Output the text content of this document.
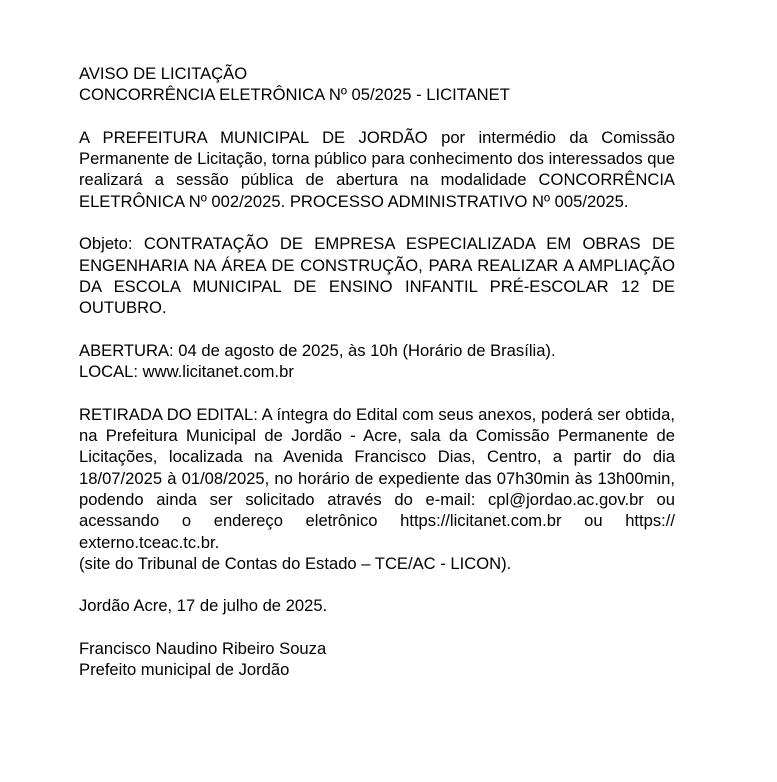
AVISO DE LICITAÇÃO
CONCORRÊNCIA ELETRÔNICA Nº 05/2025 - LICITANET
A PREFEITURA MUNICIPAL DE JORDÃO por intermédio da Comissão Permanente de Licitação, torna público para conhecimento dos interessados que realizará a sessão pública de abertura na modalidade CONCORRÊNCIA ELETRÔNICA Nº 002/2025. PROCESSO ADMINISTRATIVO Nº 005/2025.
Objeto: CONTRATAÇÃO DE EMPRESA ESPECIALIZADA EM OBRAS DE ENGENHARIA NA ÁREA DE CONSTRUÇÃO, PARA REALIZAR A AMPLIAÇÃO DA ESCOLA MUNICIPAL DE ENSINO INFANTIL PRÉ-ESCOLAR 12 DE OUTUBRO.
ABERTURA: 04 de agosto de 2025, às 10h (Horário de Brasília).
LOCAL: www.licitanet.com.br
RETIRADA DO EDITAL: A íntegra do Edital com seus anexos, poderá ser obtida, na Prefeitura Municipal de Jordão - Acre, sala da Comissão Permanente de Licitações, localizada na Avenida Francisco Dias, Centro, a partir do dia 18/07/2025 à 01/08/2025, no horário de expediente das 07h30min às 13h00min, podendo ainda ser solicitado através do e-mail: cpl@jordao.ac.gov.br ou acessando o endereço eletrônico https://licitanet.com.br ou https:// externo.tceac.tc.br.
(site do Tribunal de Contas do Estado – TCE/AC - LICON).
Jordão Acre, 17 de julho de 2025.
Francisco Naudino Ribeiro Souza
Prefeito municipal de Jordão
